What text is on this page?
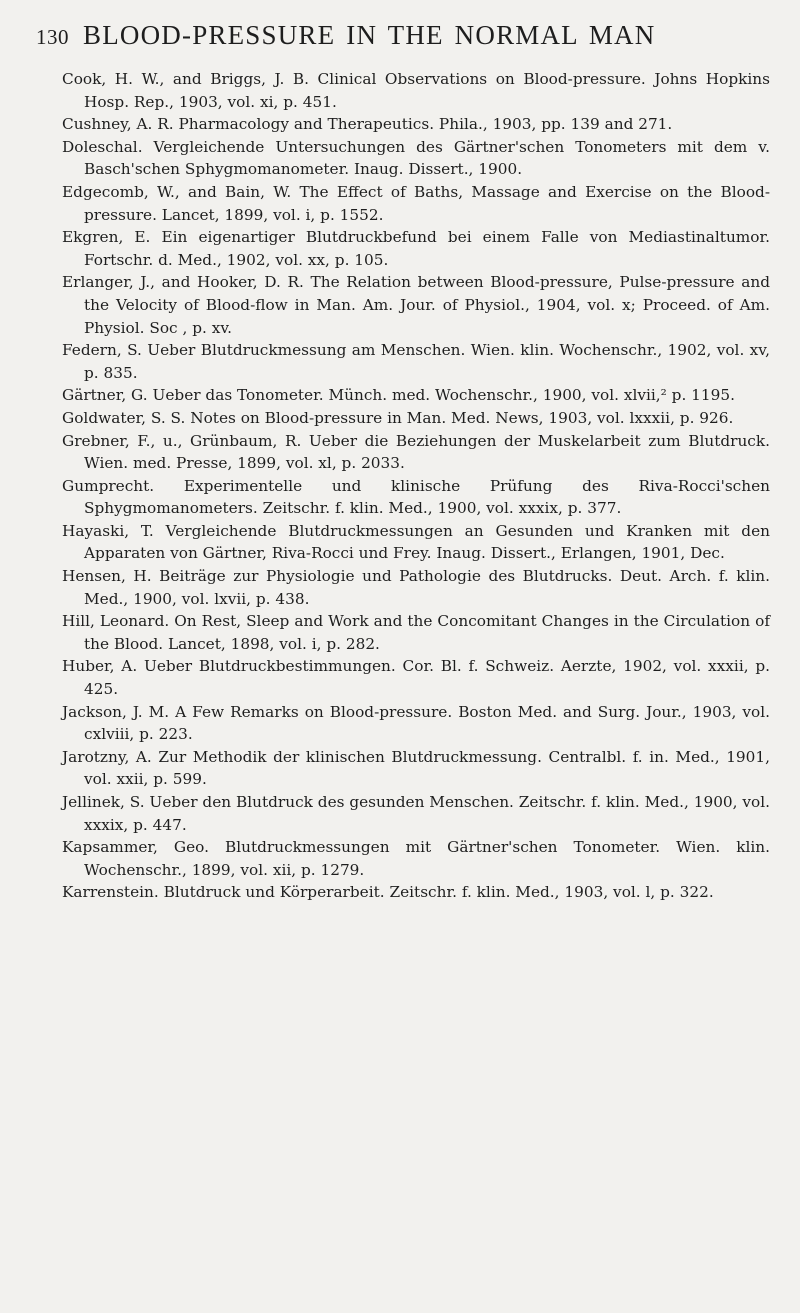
130 BLOOD-PRESSURE IN THE NORMAL MAN
Cook, H. W., and Briggs, J. B. Clinical Observations on Blood-pressure. Johns Hopkins Hosp. Rep., 1903, vol. xi, p. 451.
Cushney, A. R. Pharmacology and Therapeutics. Phila., 1903, pp. 139 and 271.
Doleschal. Vergleichende Untersuchungen des Gärtner'schen Tonometers mit dem v. Basch'schen Sphygmomanometer. Inaug. Dissert., 1900.
Edgecomb, W., and Bain, W. The Effect of Baths, Massage and Exercise on the Blood-pressure. Lancet, 1899, vol. i, p. 1552.
Ekgren, E. Ein eigenartiger Blutdruckbefund bei einem Falle von Mediastinaltumor. Fortschr. d. Med., 1902, vol. xx, p. 105.
Erlanger, J., and Hooker, D. R. The Relation between Blood-pressure, Pulse-pressure and the Velocity of Blood-flow in Man. Am. Jour. of Physiol., 1904, vol. x; Proceed. of Am. Physiol. Soc , p. xv.
Federn, S. Ueber Blutdruckmessung am Menschen. Wien. klin. Wochenschr., 1902, vol. xv, p. 835.
Gärtner, G. Ueber das Tonometer. Münch. med. Wochenschr., 1900, vol. xlvii,² p. 1195.
Goldwater, S. S. Notes on Blood-pressure in Man. Med. News, 1903, vol. lxxxii, p. 926.
Grebner, F., u., Grünbaum, R. Ueber die Beziehungen der Muskelarbeit zum Blutdruck. Wien. med. Presse, 1899, vol. xl, p. 2033.
Gumprecht. Experimentelle und klinische Prüfung des Riva-Rocci'schen Sphygmomanometers. Zeitschr. f. klin. Med., 1900, vol. xxxix, p. 377.
Hayaski, T. Vergleichende Blutdruckmessungen an Gesunden und Kranken mit den Apparaten von Gärtner, Riva-Rocci und Frey. Inaug. Dissert., Erlangen, 1901, Dec.
Hensen, H. Beiträge zur Physiologie und Pathologie des Blutdrucks. Deut. Arch. f. klin. Med., 1900, vol. lxvii, p. 438.
Hill, Leonard. On Rest, Sleep and Work and the Concomitant Changes in the Circulation of the Blood. Lancet, 1898, vol. i, p. 282.
Huber, A. Ueber Blutdruckbestimmungen. Cor. Bl. f. Schweiz. Aerzte, 1902, vol. xxxii, p. 425.
Jackson, J. M. A Few Remarks on Blood-pressure. Boston Med. and Surg. Jour., 1903, vol. cxlviii, p. 223.
Jarotzny, A. Zur Methodik der klinischen Blutdruckmessung. Centralbl. f. in. Med., 1901, vol. xxii, p. 599.
Jellinek, S. Ueber den Blutdruck des gesunden Menschen. Zeitschr. f. klin. Med., 1900, vol. xxxix, p. 447.
Kapsammer, Geo. Blutdruckmessungen mit Gärtner'schen Tonometer. Wien. klin. Wochenschr., 1899, vol. xii, p. 1279.
Karrenstein. Blutdruck und Körperarbeit. Zeitschr. f. klin. Med., 1903, vol. l, p. 322.
